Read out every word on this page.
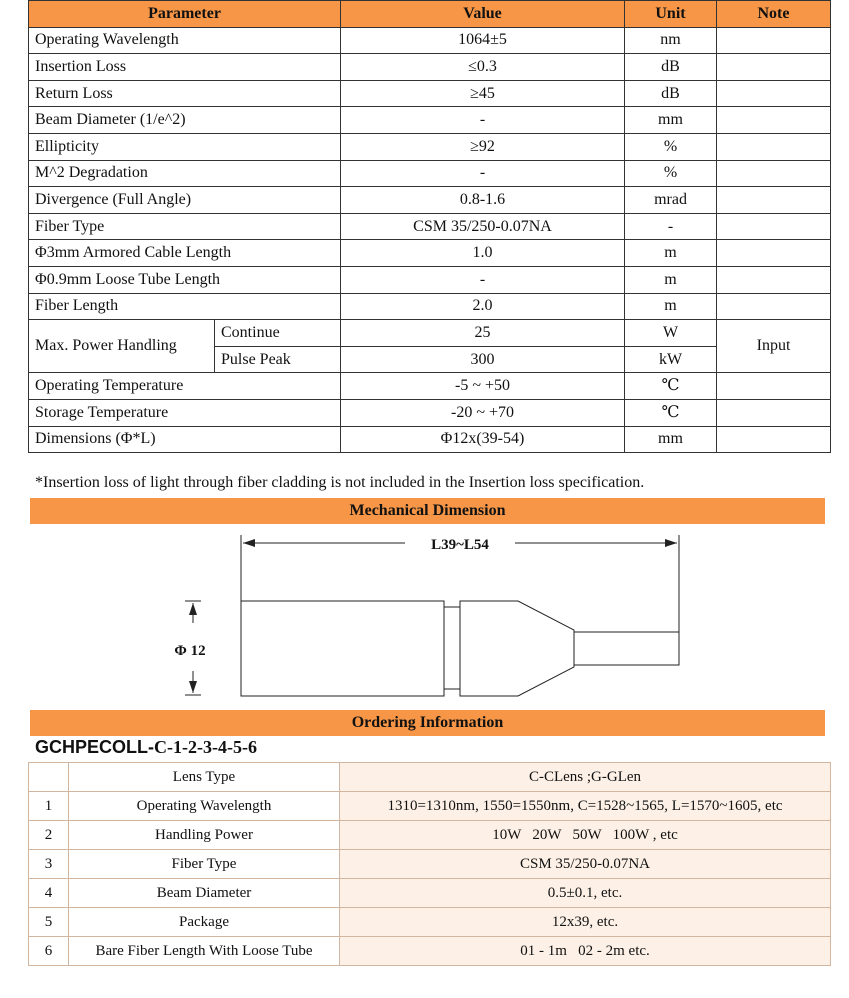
Parameter		Value	Unit	Note
Operating Wavelength		1064±5	nm	
Insertion Loss		≤0.3	dB	
Return Loss		≥45	dB	
Beam Diameter (1/e^2)		-	mm	
Ellipticity		≥92	%	
M^2 Degradation		-	%	
Divergence (Full Angle)		0.8-1.6	mrad	
Fiber Type		CSM 35/250-0.07NA	-	
Φ3mm Armored Cable Length		1.0	m	
Φ0.9mm Loose Tube Length		-	m	
Fiber Length		2.0	m	
Max. Power Handling	Continue	25	W	Input
	Pulse Peak	300	kW	
Operating Temperature		-5 ~ +50	℃	
Storage Temperature		-20 ~ +70	℃	
Dimensions (Φ*L)		Φ12x(39-54)	mm	
*Insertion loss of light through fiber cladding is not included in the Insertion loss specification.
Mechanical Dimension
L39~L54
Φ 12
Ordering Information
GCHPECOLL-C-1-2-3-4-5-6
	Lens Type	C-CLens ;G-GLen
1	Operating Wavelength	1310=1310nm, 1550=1550nm, C=1528~1565, L=1570~1605, etc
2	Handling Power	10W   20W   50W   100W , etc
3	Fiber Type	CSM 35/250-0.07NA
4	Beam Diameter	0.5±0.1, etc.
5	Package	12x39, etc.
6	Bare Fiber Length With Loose Tube	01 - 1m   02 - 2m etc.
